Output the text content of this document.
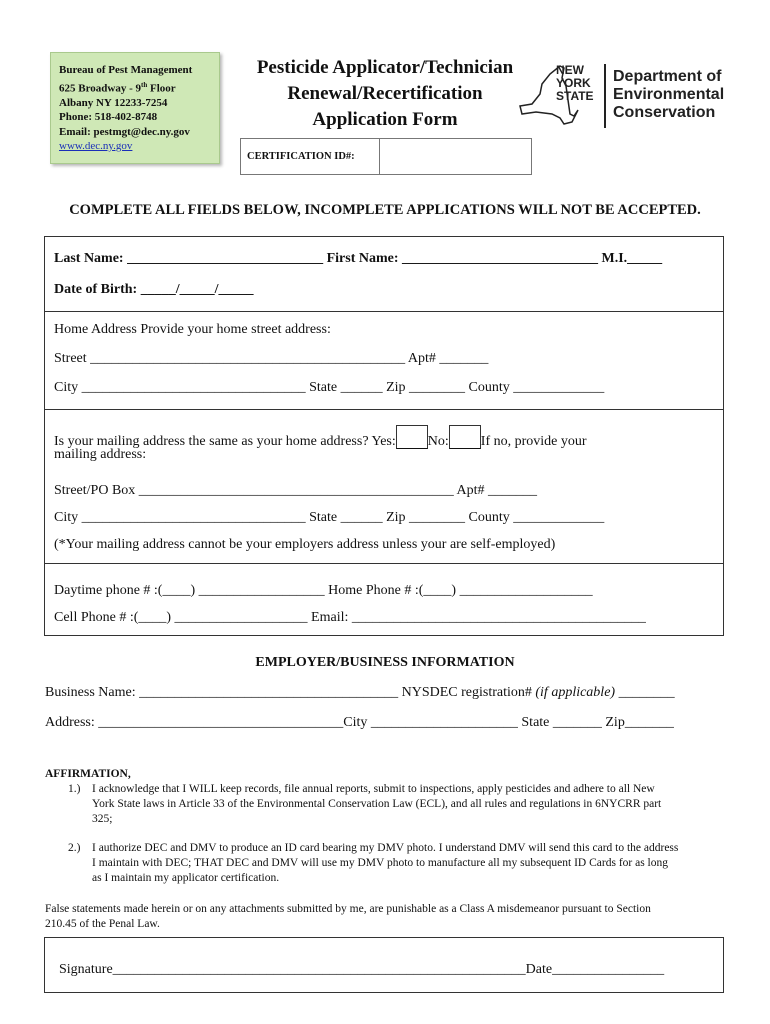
Bureau of Pest Management
625 Broadway - 9th Floor
Albany NY 12233-7254
Phone: 518-402-8748
Email: pestmgt@dec.ny.gov
www.dec.ny.gov
Pesticide Applicator/Technician
Renewal/Recertification
Application Form
CERTIFICATION ID#:
NEW
YORK
STATE
Department of
Environmental
Conservation
COMPLETE ALL FIELDS BELOW, INCOMPLETE APPLICATIONS WILL NOT BE ACCEPTED.
Last Name: ____________________________ First Name: ____________________________ M.I._____
Date of Birth: _____/_____/_____
Home Address Provide your home street address:
Street _____________________________________________ Apt# _______
City ________________________________ State ______ Zip ________ County _____________
Is your mailing address the same as your home address? Yes: No: If no, provide your
mailing address:
Street/PO Box _____________________________________________ Apt# _______
City ________________________________ State ______ Zip ________ County _____________
(*Your mailing address cannot be your employers address unless your are self-employed)
Daytime phone # :(____) __________________ Home Phone # :(____) ___________________
Cell Phone # :(____) ___________________ Email: __________________________________________
EMPLOYER/BUSINESS INFORMATION
Business Name: _____________________________________ NYSDEC registration# (if applicable) ________
Address: ___________________________________City _____________________ State _______ Zip_______
AFFIRMATION,
1.) I acknowledge that I WILL keep records, file annual reports, submit to inspections, apply pesticides and adhere to all New
York State laws in Article 33 of the Environmental Conservation Law (ECL), and all rules and regulations in 6NYCRR part
325;
2.) I authorize DEC and DMV to produce an ID card bearing my DMV photo. I understand DMV will send this card to the address
I maintain with DEC; THAT DEC and DMV will use my DMV photo to manufacture all my subsequent ID Cards for as long
as I maintain my applicator certification.
False statements made herein or on any attachments submitted by me, are punishable as a Class A misdemeanor pursuant to Section
210.45 of the Penal Law.
Signature___________________________________________________________Date________________
